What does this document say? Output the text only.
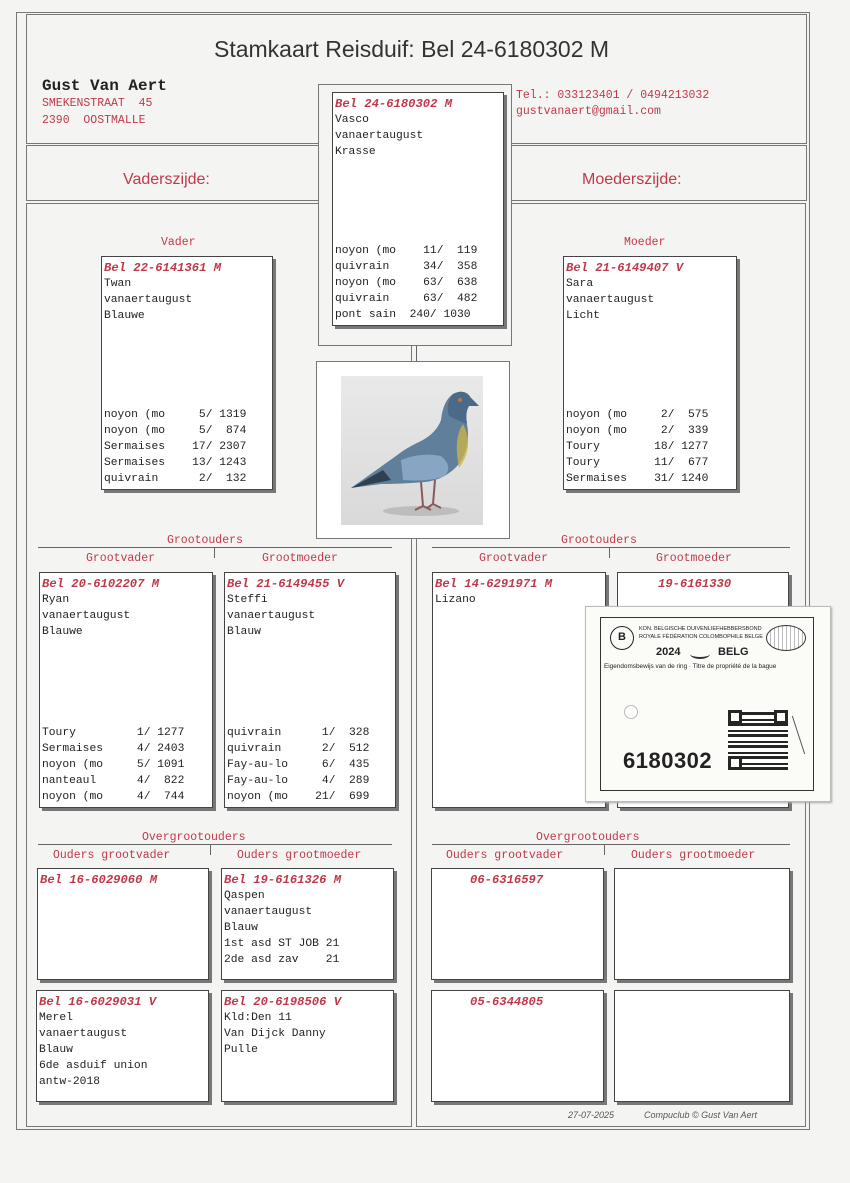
Stamkaart Reisduif: Bel 24-6180302 M
Gust Van Aert
SMEKENSTRAAT  45
2390  OOSTMALLE
Tel.: 033123401 / 0494213032
gustvanaert@gmail.com
Vaderszijde:	Moederszijde:
Bel 24-6180302 M
Vasco
vanaertaugust
Krasse
noyon (mo    11/  119
quivrain     34/  358
noyon (mo    63/  638
quivrain     63/  482
pont sain  240/ 1030
Vader	Moeder
Bel 22-6141361 M
Twan
vanaertaugust
Blauwe
noyon (mo     5/ 1319
noyon (mo     5/  874
Sermaises    17/ 2307
Sermaises    13/ 1243
quivrain      2/  132
Bel 21-6149407 V
Sara
vanaertaugust
Licht
noyon (mo     2/  575
noyon (mo     2/  339
Toury        18/ 1277
Toury        11/  677
Sermaises    31/ 1240
Grootouders	Grootouders
Grootvader	Grootmoeder	Grootvader	Grootmoeder
Bel 20-6102207 M
Ryan
vanaertaugust
Blauwe
Toury         1/ 1277
Sermaises     4/ 2403
noyon (mo     5/ 1091
nanteaul      4/  822
noyon (mo     4/  744
Bel 21-6149455 V
Steffi
vanaertaugust
Blauw
quivrain      1/  328
quivrain      2/  512
Fay-au-lo     6/  435
Fay-au-lo     4/  289
noyon (mo    21/  699
Bel 14-6291971 M
Lizano
19-6161330
Overgrootouders	Overgrootouders
Ouders grootvader	Ouders grootmoeder	Ouders grootvader	Ouders grootmoeder
Bel 16-6029060 M	Bel 19-6161326 M
Qaspen
vanaertaugust
Blauw
1st asd ST JOB 21
2de asd zav    21
06-6316597
Bel 16-6029031 V
Merel
vanaertaugust
Blauw
6de asduif union
antw-2018
Bel 20-6198506 V
Kld:Den 11
Van Dijck Danny
Pulle
05-6344805
27-07-2025	Compuclub © Gust Van Aert
B
KON. BELGISCHE DUIVENLIEFHEBBERSBOND
ROYALE FÉDÉRATION COLOMBOPHILE BELGE
2024	BELG
Eigendomsbewijs van de ring · Titre de propriété de la bague
6180302
